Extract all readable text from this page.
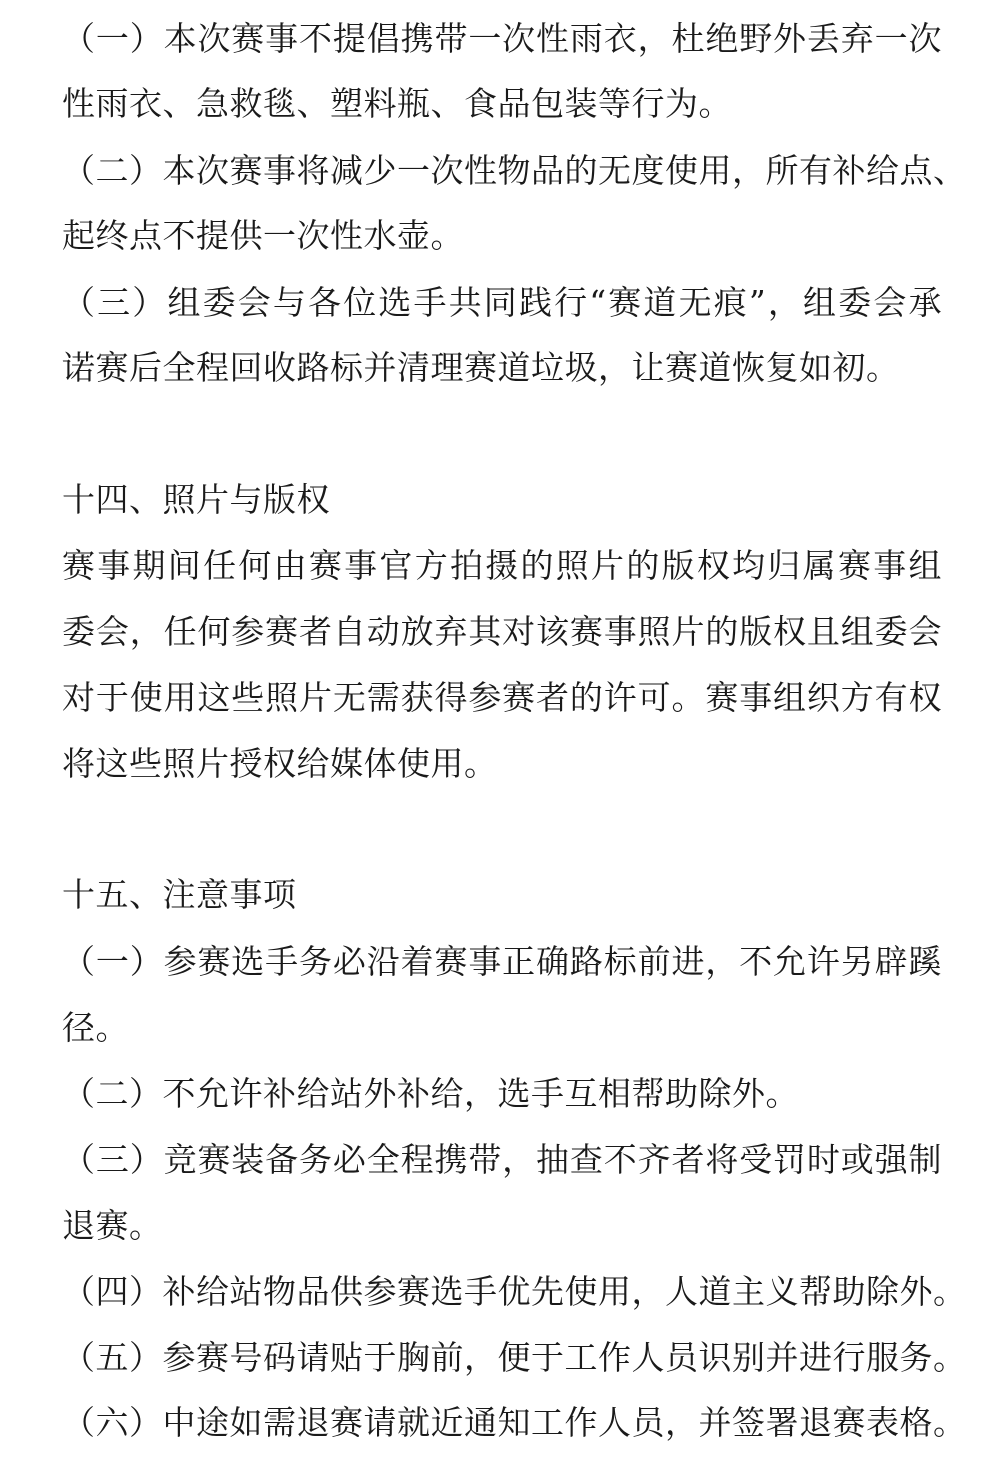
（一）本次赛事不提倡携带一次性雨衣，杜绝野外丢弃一次
性雨衣、急救毯、塑料瓶、食品包装等行为。
（二）本次赛事将减少一次性物品的无度使用，所有补给点、
起终点不提供一次性水壶。
（三）组委会与各位选手共同践行“赛道无痕”，组委会承
诺赛后全程回收路标并清理赛道垃圾，让赛道恢复如初。
十四、照片与版权
赛事期间任何由赛事官方拍摄的照片的版权均归属赛事组
委会，任何参赛者自动放弃其对该赛事照片的版权且组委会
对于使用这些照片无需获得参赛者的许可。赛事组织方有权
将这些照片授权给媒体使用。
十五、注意事项
（一）参赛选手务必沿着赛事正确路标前进，不允许另辟蹊
径。
（二）不允许补给站外补给，选手互相帮助除外。
（三）竞赛装备务必全程携带，抽查不齐者将受罚时或强制
退赛。
（四）补给站物品供参赛选手优先使用，人道主义帮助除外。
（五）参赛号码请贴于胸前，便于工作人员识别并进行服务。
（六）中途如需退赛请就近通知工作人员，并签署退赛表格。
